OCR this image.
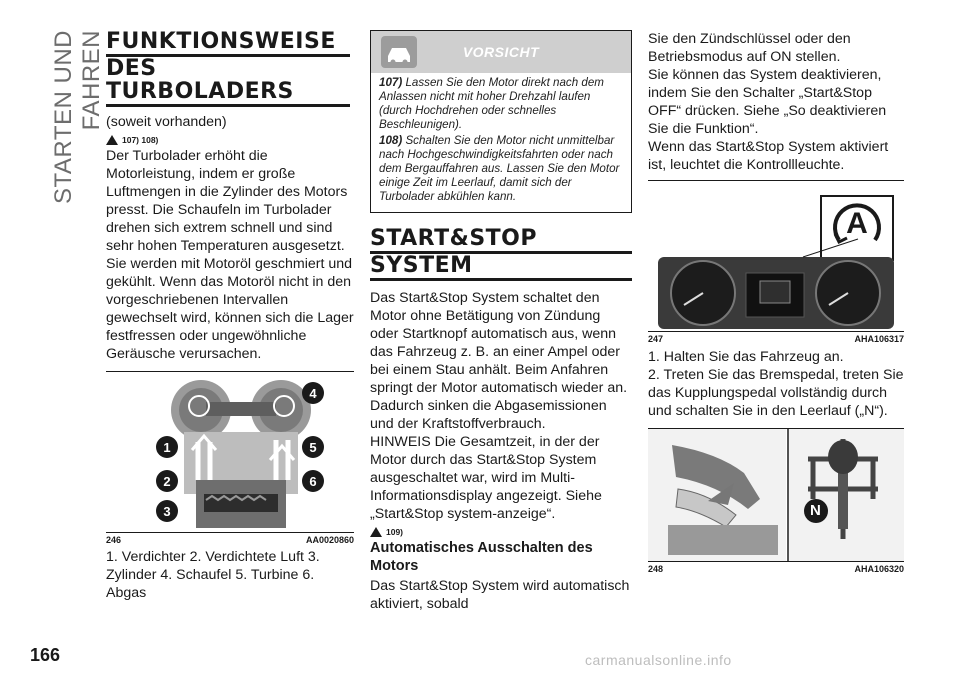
STARTEN UND FAHREN
166	carmanualsonline.info
FUNKTIONSWEISE
DES TURBOLADERS

(soweit vorhanden)

107) 108)

Der Turbolader erhöht die Motorleistung, indem er große Luftmengen in die Zylinder des Motors presst. Die Schaufeln im Turbolader drehen sich extrem schnell und sind sehr hohen Temperaturen ausgesetzt. Sie werden mit Motoröl geschmiert und gekühlt. Wenn das Motoröl nicht in den vorgeschriebenen Intervallen gewechselt wird, können sich die Lager festfressen oder ungewöhnliche Geräusche verursachen.

1
2
3
4
5
6
246	AA0020860

1. Verdichter 2. Verdichtete Luft 3. Zylinder 4. Schaufel 5. Turbine 6. Abgas

VORSICHT

107) Lassen Sie den Motor direkt nach dem Anlassen nicht mit hoher Drehzahl laufen (durch Hochdrehen oder schnelles Beschleunigen).

108) Schalten Sie den Motor nicht unmittelbar nach Hochgeschwindigkeitsfahrten oder nach dem Bergauffahren aus. Lassen Sie den Motor einige Zeit im Leerlauf, damit sich der Turbolader abkühlen kann.

START&STOP
SYSTEM

Das Start&Stop System schaltet den Motor ohne Betätigung von Zündung oder Startknopf automatisch aus, wenn das Fahrzeug z. B. an einer Ampel oder bei einem Stau anhält. Beim Anfahren springt der Motor automatisch wieder an. Dadurch sinken die Abgasemissionen und der Kraftstoffverbrauch.

HINWEIS Die Gesamtzeit, in der der Motor durch das Start&Stop System ausgeschaltet war, wird im Multi-Informationsdisplay angezeigt. Siehe „Start&Stop system-anzeige“.

109)
Automatisches Ausschalten des Motors

Das Start&Stop System wird automatisch aktiviert, sobald

Sie den Zündschlüssel oder den Betriebsmodus auf ON stellen.

Sie können das System deaktivieren, indem Sie den Schalter „Start&Stop OFF“ drücken. Siehe „So deaktivieren Sie die Funktion“.

Wenn das Start&Stop System aktiviert ist, leuchtet die Kontrollleuchte.

A
247	AHA106317

1. Halten Sie das Fahrzeug an.

2. Treten Sie das Bremspedal, treten Sie das Kupplungspedal vollständig durch und schalten Sie in den Leerlauf („N“).

N
248	AHA106320
